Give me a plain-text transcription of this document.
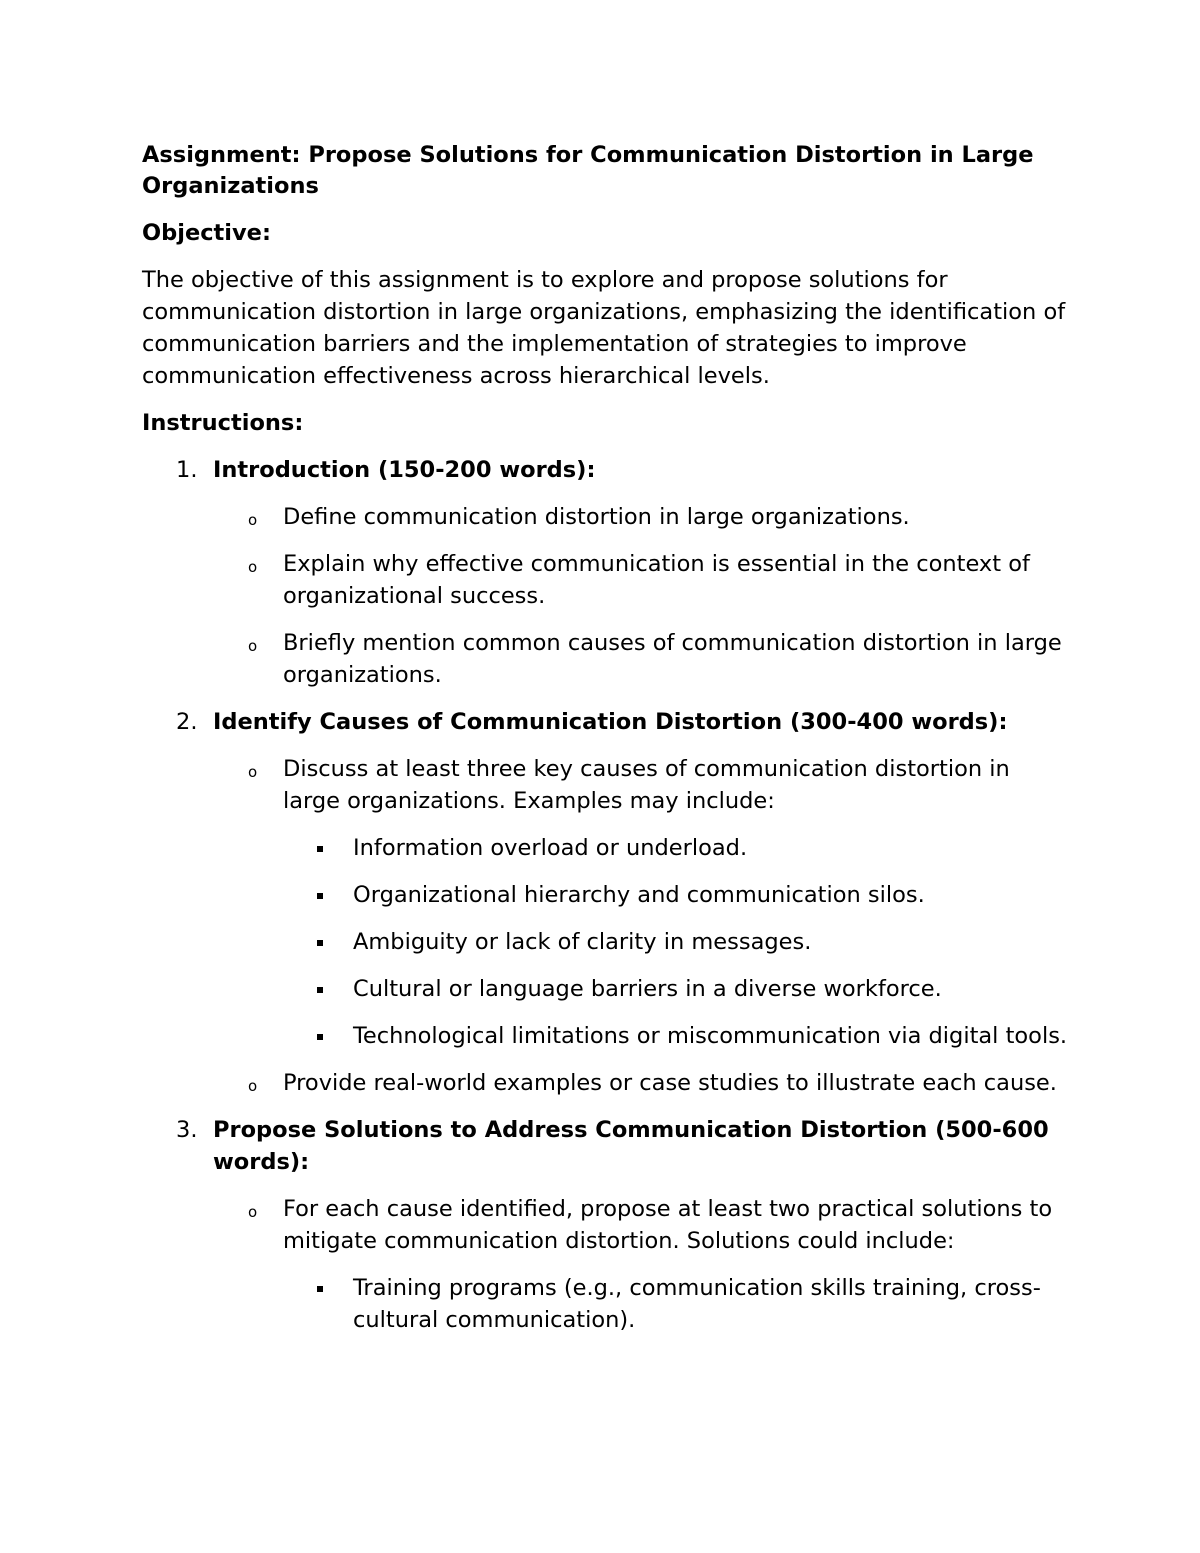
Assignment: Propose Solutions for Communication Distortion in Large Organizations
Objective:
The objective of this assignment is to explore and propose solutions for communication distortion in large organizations, emphasizing the identification of communication barriers and the implementation of strategies to improve communication effectiveness across hierarchical levels.
Instructions:
1. Introduction (150-200 words):
o Define communication distortion in large organizations.
o Explain why effective communication is essential in the context of organizational success.
o Briefly mention common causes of communication distortion in large organizations.
2. Identify Causes of Communication Distortion (300-400 words):
o Discuss at least three key causes of communication distortion in large organizations. Examples may include:
Information overload or underload.
Organizational hierarchy and communication silos.
Ambiguity or lack of clarity in messages.
Cultural or language barriers in a diverse workforce.
Technological limitations or miscommunication via digital tools.
o Provide real-world examples or case studies to illustrate each cause.
3. Propose Solutions to Address Communication Distortion (500-600 words):
o For each cause identified, propose at least two practical solutions to mitigate communication distortion. Solutions could include:
Training programs (e.g., communication skills training, cross-cultural communication).
